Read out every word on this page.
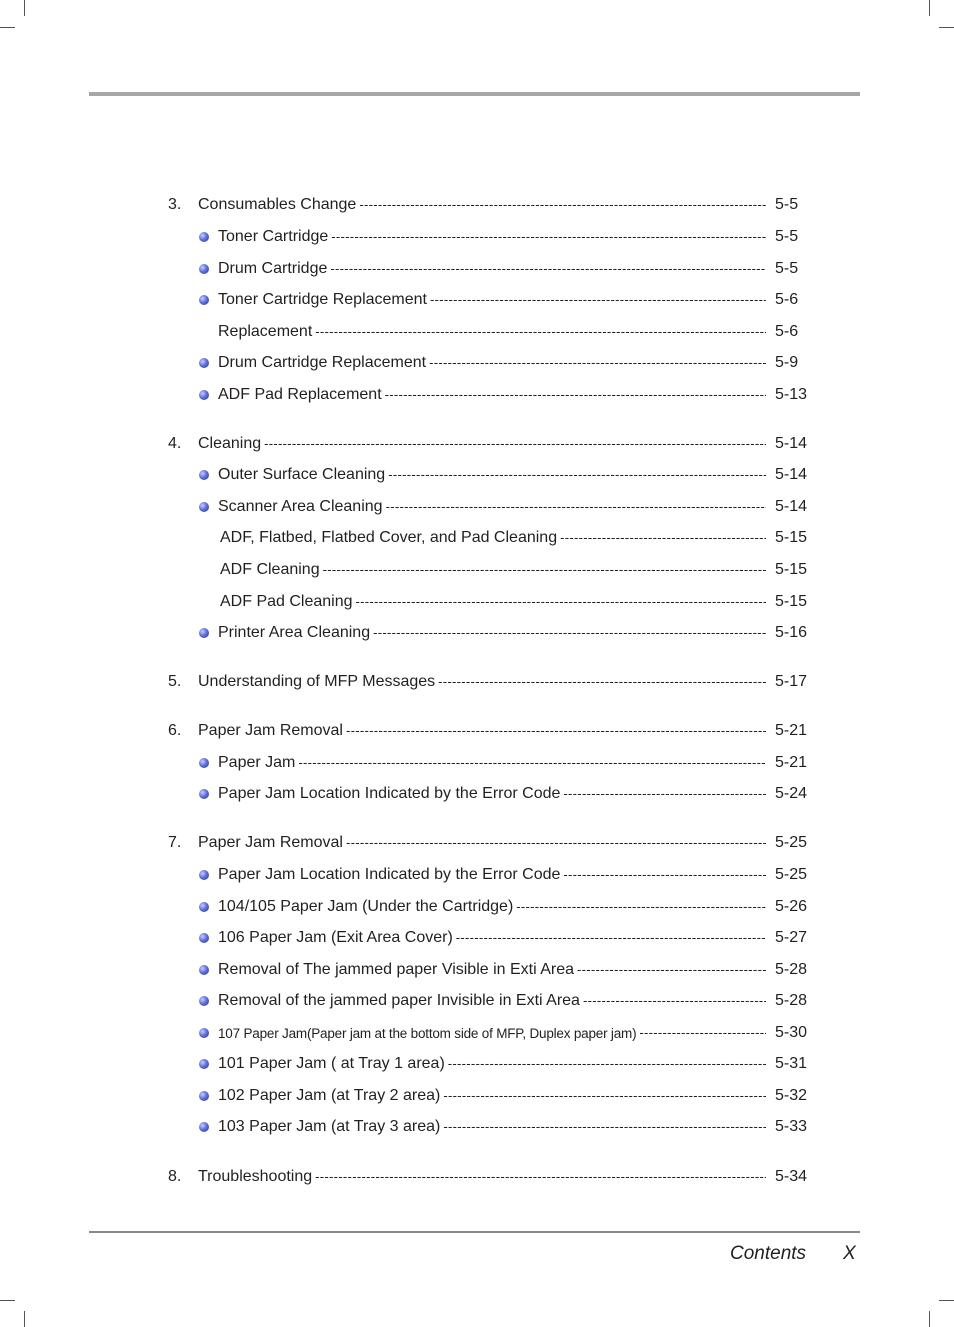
3.	Consumables Change -----	5-5
Toner Cartridge -----	5-5
Drum Cartridge -----	5-5
Toner Cartridge Replacement -----	5-6
Replacement -----	5-6
Drum Cartridge Replacement -----	5-9
ADF Pad Replacement -----	5-13
4.	Cleaning -----	5-14
Outer Surface Cleaning -----	5-14
Scanner Area Cleaning -----	5-14
ADF, Flatbed, Flatbed Cover, and Pad Cleaning -----	5-15
ADF Cleaning -----	5-15
ADF Pad Cleaning -----	5-15
Printer Area Cleaning -----	5-16
5.	Understanding of MFP Messages -----	5-17
6.	Paper Jam Removal -----	5-21
Paper Jam -----	5-21
Paper Jam Location Indicated by the Error Code -----	5-24
7.	Paper Jam Removal -----	5-25
Paper Jam Location Indicated by the Error Code -----	5-25
104/105 Paper Jam (Under the Cartridge) -----	5-26
106 Paper Jam (Exit Area Cover) -----	5-27
Removal of The jammed paper Visible in Exti Area -----	5-28
Removal of the jammed paper Invisible in Exti Area -----	5-28
107 Paper Jam(Paper jam at the bottom side of MFP, Duplex paper jam) -----	5-30
101 Paper Jam ( at Tray 1 area) -----	5-31
102 Paper Jam (at Tray 2 area) -----	5-32
103 Paper Jam (at Tray 3 area) -----	5-33
8.	Troubleshooting -----	5-34
Contents X
